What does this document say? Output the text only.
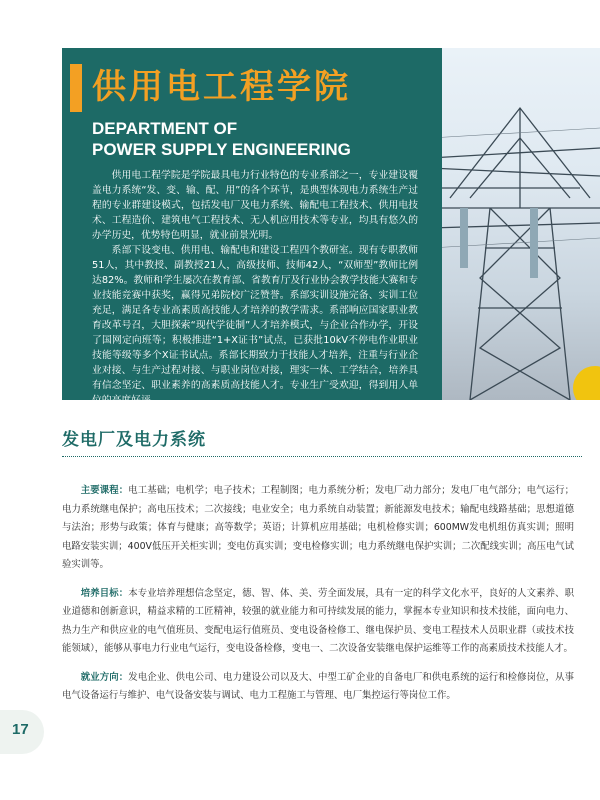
供用电工程学院
DEPARTMENT OF
POWER SUPPLY ENGINEERING

供用电工程学院是学院最具电力行业特色的专业系部之一，专业建设覆盖电力系统“发、变、输、配、用”的各个环节，是典型体现电力系统生产过程的专业群建设模式，包括发电厂及电力系统、输配电工程技术、供用电技术、工程造价、建筑电气工程技术、无人机应用技术等专业，均具有悠久的办学历史，优势特色明显，就业前景光明。

系部下设变电、供用电、输配电和建设工程四个教研室。现有专职教师51人，其中教授、副教授21人，高级技师、技师42人，“双师型”教师比例达82%。教师和学生屡次在教育部、省教育厅及行业协会教学技能大赛和专业技能竞赛中获奖，赢得兄弟院校广泛赞誉。系部实训设施完备、实训工位充足，满足各专业高素质高技能人才培养的教学需求。系部响应国家职业教育改革号召，大胆探索“现代学徒制”人才培养模式，与企业合作办学，开设了国网定向班等；积极推进“1+X证书”试点，已获批10kV不停电作业职业技能等级等多个X证书试点。系部长期致力于技能人才培养，注重与行业企业对接、与生产过程对接、与职业岗位对接，理实一体、工学结合，培养具有信念坚定、职业素养的高素质高技能人才。专业生广受欢迎，得到用人单位的高度好评。

发电厂及电力系统

主要课程：电工基础；电机学；电子技术；工程制图；电力系统分析；发电厂动力部分；发电厂电气部分；电气运行；电力系统继电保护；高电压技术；二次接线；电业安全；电力系统自动装置；新能源发电技术；输配电线路基础；思想道德与法治；形势与政策；体育与健康；高等数学；英语；计算机应用基础；电机检修实训；600MW发电机组仿真实训；照明电路安装实训；400V低压开关柜实训；变电仿真实训；变电检修实训；电力系统继电保护实训；二次配线实训；高压电气试验实训等。

培养目标：本专业培养理想信念坚定，德、智、体、美、劳全面发展，具有一定的科学文化水平，良好的人文素养、职业道德和创新意识，精益求精的工匠精神，较强的就业能力和可持续发展的能力，掌握本专业知识和技术技能，面向电力、热力生产和供应业的电气值班员、变配电运行值班员、变电设备检修工、继电保护员、变电工程技术人员职业群（或技术技能领域），能够从事电力行业电气运行，变电设备检修，变电一、二次设备安装继电保护运维等工作的高素质技术技能人才。

就业方向：发电企业、供电公司、电力建设公司以及大、中型工矿企业的自备电厂和供电系统的运行和检修岗位，从事电气设备运行与维护、电气设备安装与调试、电力工程施工与管理、电厂集控运行等岗位工作。

17
